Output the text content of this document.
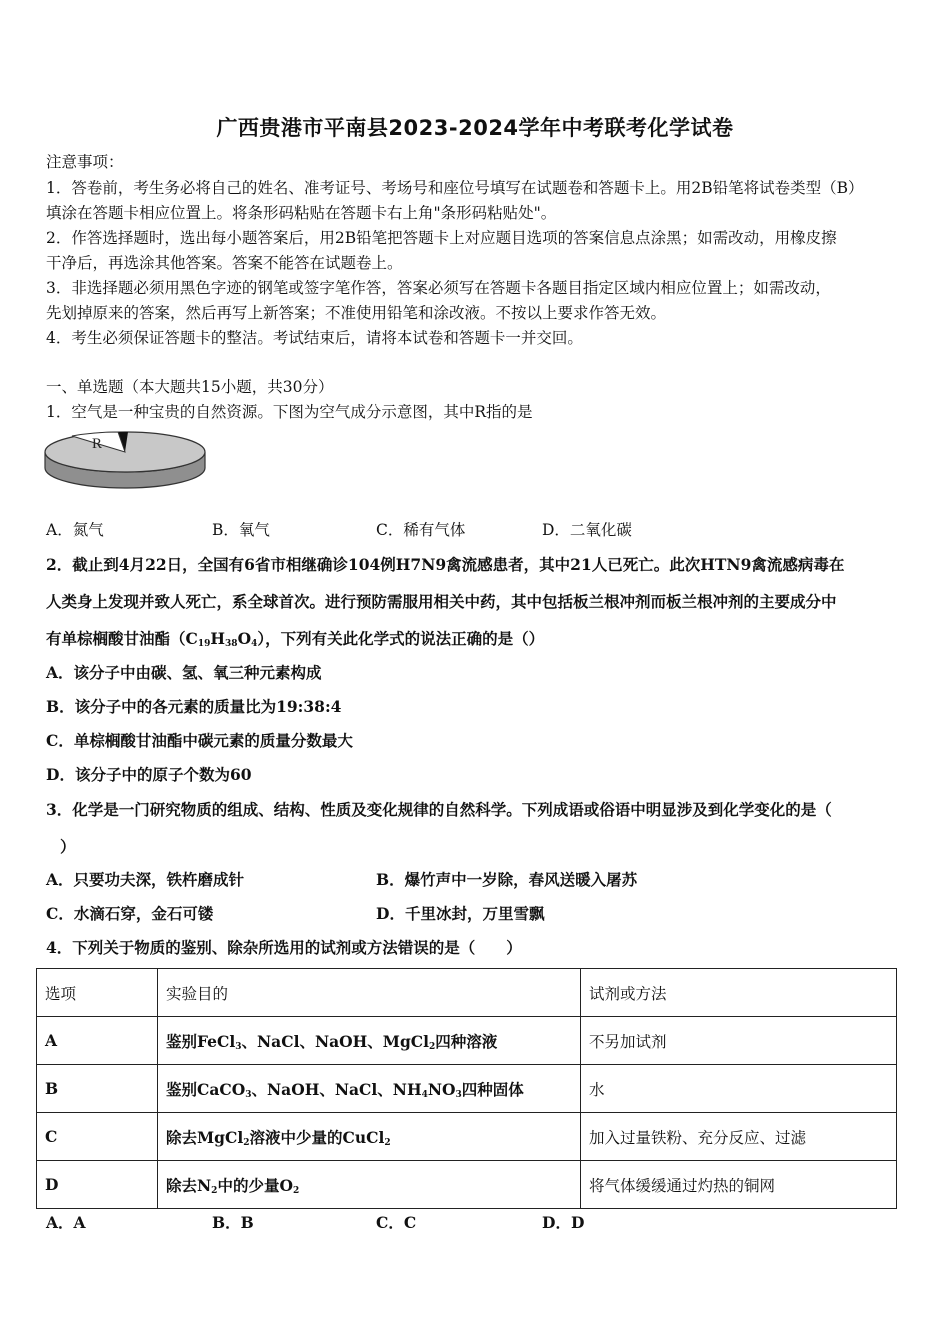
广西贵港市平南县2023-2024学年中考联考化学试卷
注意事项：
1．答卷前，考生务必将自己的姓名、准考证号、考场号和座位号填写在试题卷和答题卡上。用2B铅笔将试卷类型（B）
填涂在答题卡相应位置上。将条形码粘贴在答题卡右上角"条形码粘贴处"。
2．作答选择题时，选出每小题答案后，用2B铅笔把答题卡上对应题目选项的答案信息点涂黑；如需改动，用橡皮擦
干净后，再选涂其他答案。答案不能答在试题卷上。
3．非选择题必须用黑色字迹的钢笔或签字笔作答，答案必须写在答题卡各题目指定区域内相应位置上；如需改动，
先划掉原来的答案，然后再写上新答案；不准使用铅笔和涂改液。不按以上要求作答无效。
4．考生必须保证答题卡的整洁。考试结束后，请将本试卷和答题卡一并交回。
一、单选题（本大题共15小题，共30分）
1．空气是一种宝贵的自然资源。下图为空气成分示意图，其中R指的是
R
A．氮气	B．氧气	C．稀有气体	D．二氧化碳
2．截止到4月22日，全国有6省市相继确诊104例H7N9禽流感患者，其中21人已死亡。此次HTN9禽流感病毒在
人类身上发现并致人死亡，系全球首次。进行预防需服用相关中药，其中包括板兰根冲剂而板兰根冲剂的主要成分中
有单棕榈酸甘油酯$(C_{19}H_{38}O_4)$，下列有关此化学式的说法正确的是（）
A．该分子中由碳、氢、氧三种元素构成
B．该分子中的各元素的质量比为19:38:4
C．单棕榈酸甘油酯中碳元素的质量分数最大
D．该分子中的原子个数为60
3．化学是一门研究物质的组成、结构、性质及变化规律的自然科学。下列成语或俗语中明显涉及到化学变化的是（
）
A．只要功夫深，铁杵磨成针	B．爆竹声中一岁除，春风送暖入屠苏
C．水滴石穿，金石可镂	D．千里冰封，万里雪飘
4．下列关于物质的鉴别、除杂所选用的试剂或方法错误的是（　　）
选项	实验目的	试剂或方法
A	鉴别FeCl$_3$、NaCl、NaOH、MgCl$_2$四种溶液	不另加试剂
B	鉴别CaCO$_3$、NaOH、NaCl、$NH_4NO_3$四种固体	水
C	除去MgCl$_2$溶液中少量的CuCl$_2$	加入过量铁粉、充分反应、过滤
D	除去$N_2$中的少量$O_2$	将气体缓缓通过灼热的铜网
A．A	B．B	C．C	D．D
